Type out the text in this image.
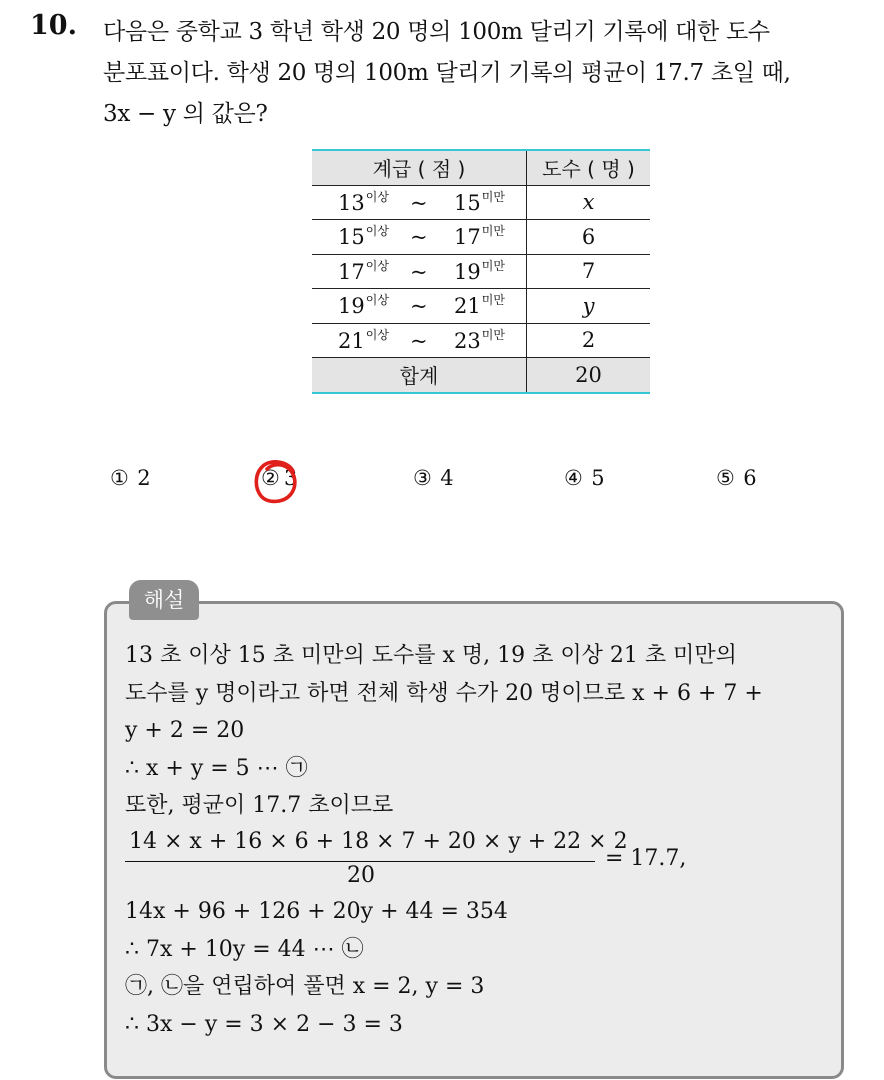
10. 다음은 중학교 3 학년 학생 20 명의 100m 달리기 기록에 대한 도수
분포표이다. 학생 20 명의 100m 달리기 기록의 평균이 17.7 초일 때,
3x − y 의 값은?
계급 ( 점 )	도수 ( 명 )

$13^{이상}$ ~ $15^{미만}$	x

$15^{이상}$ ~ $17^{미만}$	6

$17^{이상}$ ~ $19^{미만}$	7

$19^{이상}$ ~ $21^{미만}$	y

$21^{이상}$ ~ $23^{미만}$	2
합계	20
①   2	②  3	③   4	④   5	⑤   6
해설
13 초 이상 15 초 미만의 도수를 x 명, 19 초 이상 21 초 미만의
도수를 y 명이라고 하면 전체 학생 수가 20 명이므로 x + 6 + 7 +
y + 2 = 20
∴ x + y = 5 ⋯ ㉠
또한, 평균이 17.7 초이므로
14 × x + 16 × 6 + 18 × 7 + 20 × y + 22 × 2
20
= 17.7,
14x + 96 + 126 + 20y + 44 = 354
∴ 7x + 10y = 44 ⋯ ㉡
㉠, ㉡을 연립하여 풀면 x = 2, y = 3
∴ 3x − y = 3 × 2 − 3 = 3
